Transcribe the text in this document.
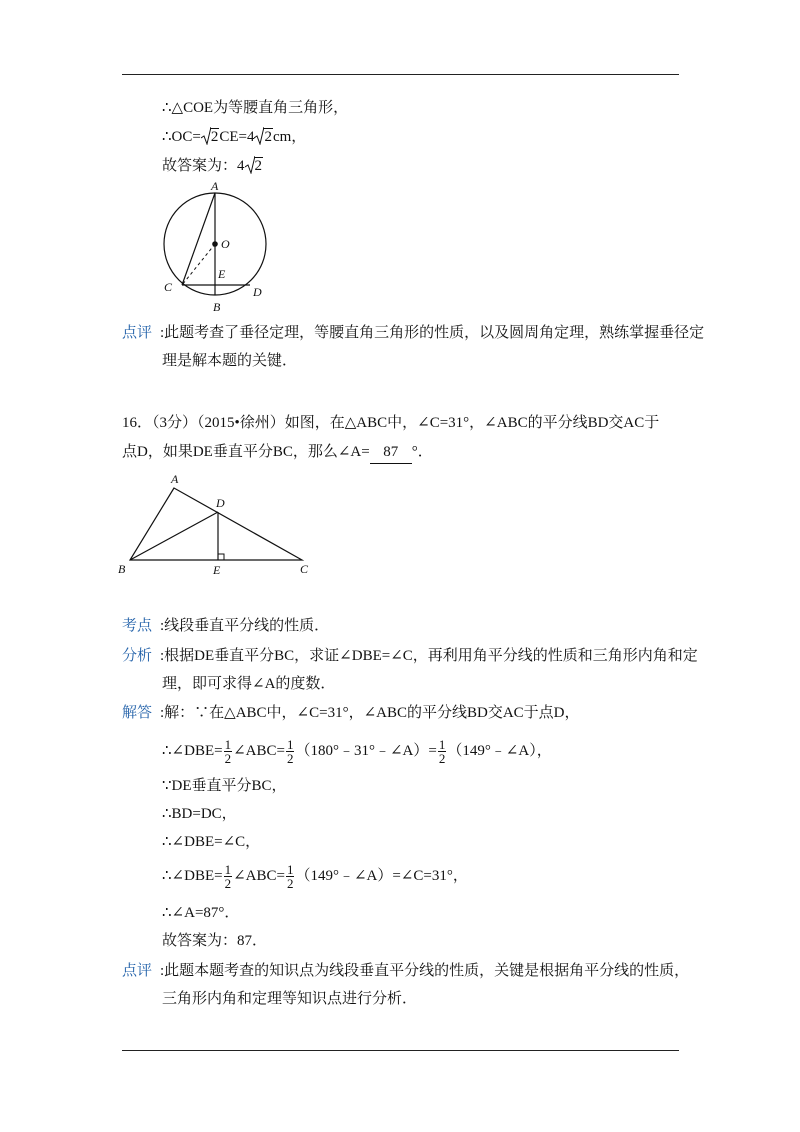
∴△COE为等腰直角三角形，
∴OC= 2CE=4 2cm，
故答案为：4 2
A
O
E
C	D
B
点评 :此题考查了垂径定理，等腰直角三角形的性质，以及圆周角定理，熟练掌握垂径定
理是解本题的关键．
16．（3分）（2015•徐州）如图，在△ABC中，∠C=31°，∠ABC的平分线BD交AC于
点D，如果DE垂直平分BC，那么∠A= 87 °．
A
D
B	E	C
考点 :线段垂直平分线的性质．
分析 :根据DE垂直平分BC，求证∠DBE=∠C，再利用角平分线的性质和三角形内角和定
理，即可求得∠A的度数．
解答 :解：∵在△ABC中，∠C=31°，∠ABC的平分线BD交AC于点D，
∴∠DBE= $\frac{1}{2}$ ∠ABC= $\frac{1}{2}$ （180°﹣31°﹣∠A）= $\frac{1}{2}$ （149°﹣∠A），
∵DE垂直平分BC，
∴BD=DC，
∴∠DBE=∠C，
∴∠DBE= $\frac{1}{2}$ ∠ABC= $\frac{1}{2}$ （149°﹣∠A）=∠C=31°，
∴∠A=87°．
故答案为：87．
点评 :此题本题考查的知识点为线段垂直平分线的性质，关键是根据角平分线的性质，
三角形内角和定理等知识点进行分析．
